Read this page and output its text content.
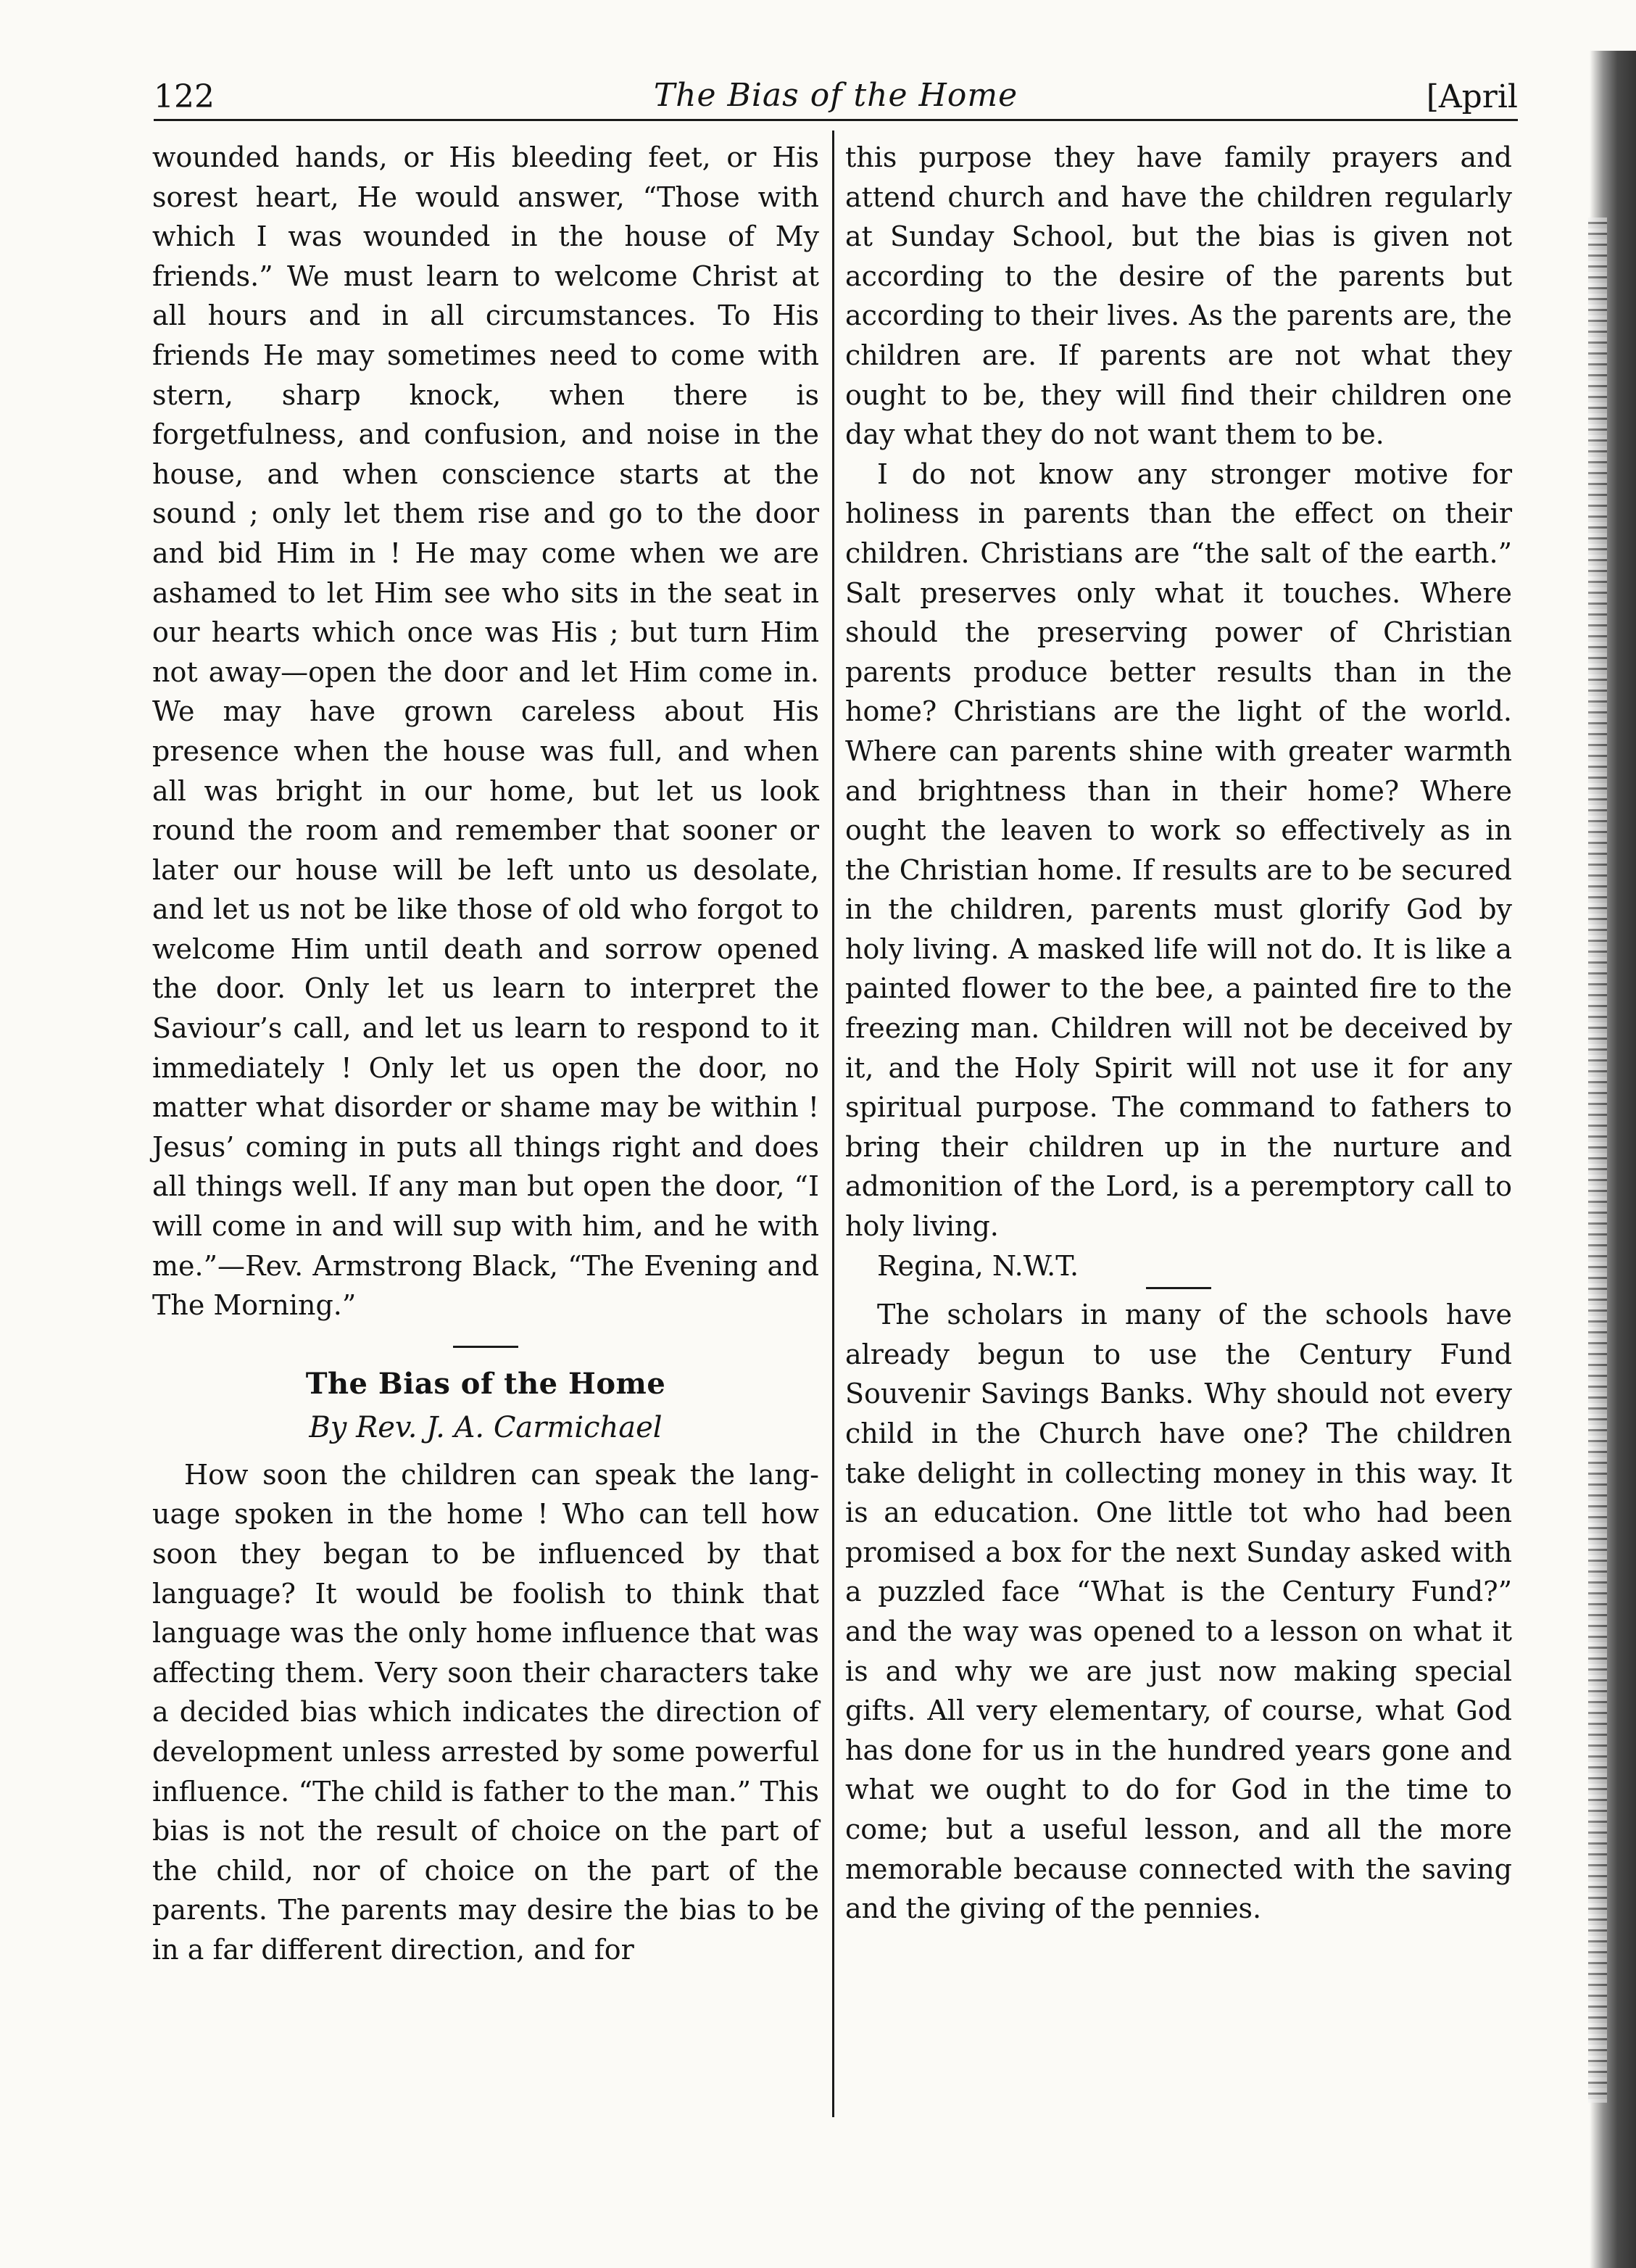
122	The Bias of the Home	[April

wounded hands, or His bleeding feet, or His sorest heart, He would answer, “Those with which I was wounded in the house of My friends.” We must learn to welcome Christ at all hours and in all circumstances. To His friends He may sometimes need to come with stern, sharp knock, when there is forgetfulness, and confusion, and noise in the house, and when conscience starts at the sound ; only let them rise and go to the door and bid Him in ! He may come when we are ashamed to let Him see who sits in the seat in our hearts which once was His ; but turn Him not away—open the door and let Him come in. We may have grown careless about His presence when the house was full, and when all was bright in our home, but let us look round the room and remember that sooner or later our house will be left unto us desolate, and let us not be like those of old who forgot to welcome Him until death and sorrow opened the door. Only let us learn to interpret the Saviour’s call, and let us learn to respond to it immediately ! Only let us open the door, no matter what disorder or shame may be within ! Jesus’ coming in puts all things right and does all things well. If any man but open the door, “I will come in and will sup with him, and he with me.”—Rev. Armstrong Black, “The Evening and The Morning.”

The Bias of the Home
By Rev. J. A. Carmichael

How soon the children can speak the language spoken in the home ! Who can tell how soon they began to be influenced by that language? It would be foolish to think that language was the only home influence that was affecting them. Very soon their characters take a decided bias which indicates the direction of development unless arrested by some powerful influence. “The child is father to the man.” This bias is not the result of choice on the part of the child, nor of choice on the part of the parents. The parents may desire the bias to be in a far different direction, and for

this purpose they have family prayers and attend church and have the children regularly at Sunday School, but the bias is given not according to the desire of the parents but according to their lives. As the parents are, the children are. If parents are not what they ought to be, they will find their children one day what they do not want them to be.

I do not know any stronger motive for holiness in parents than the effect on their children. Christians are “the salt of the earth.” Salt preserves only what it touches. Where should the preserving power of Christian parents produce better results than in the home? Christians are the light of the world. Where can parents shine with greater warmth and brightness than in their home? Where ought the leaven to work so effectively as in the Christian home. If results are to be secured in the children, parents must glorify God by holy living. A masked life will not do. It is like a painted flower to the bee, a painted fire to the freezing man. Children will not be deceived by it, and the Holy Spirit will not use it for any spiritual purpose. The command to fathers to bring their children up in the nurture and admonition of the Lord, is a peremptory call to holy living.

Regina, N.W.T.

The scholars in many of the schools have already begun to use the Century Fund Souvenir Savings Banks. Why should not every child in the Church have one? The children take delight in collecting money in this way. It is an education. One little tot who had been promised a box for the next Sunday asked with a puzzled face “What is the Century Fund?” and the way was opened to a lesson on what it is and why we are just now making special gifts. All very elementary, of course, what God has done for us in the hundred years gone and what we ought to do for God in the time to come; but a useful lesson, and all the more memorable because connected with the saving and the giving of the pennies.
